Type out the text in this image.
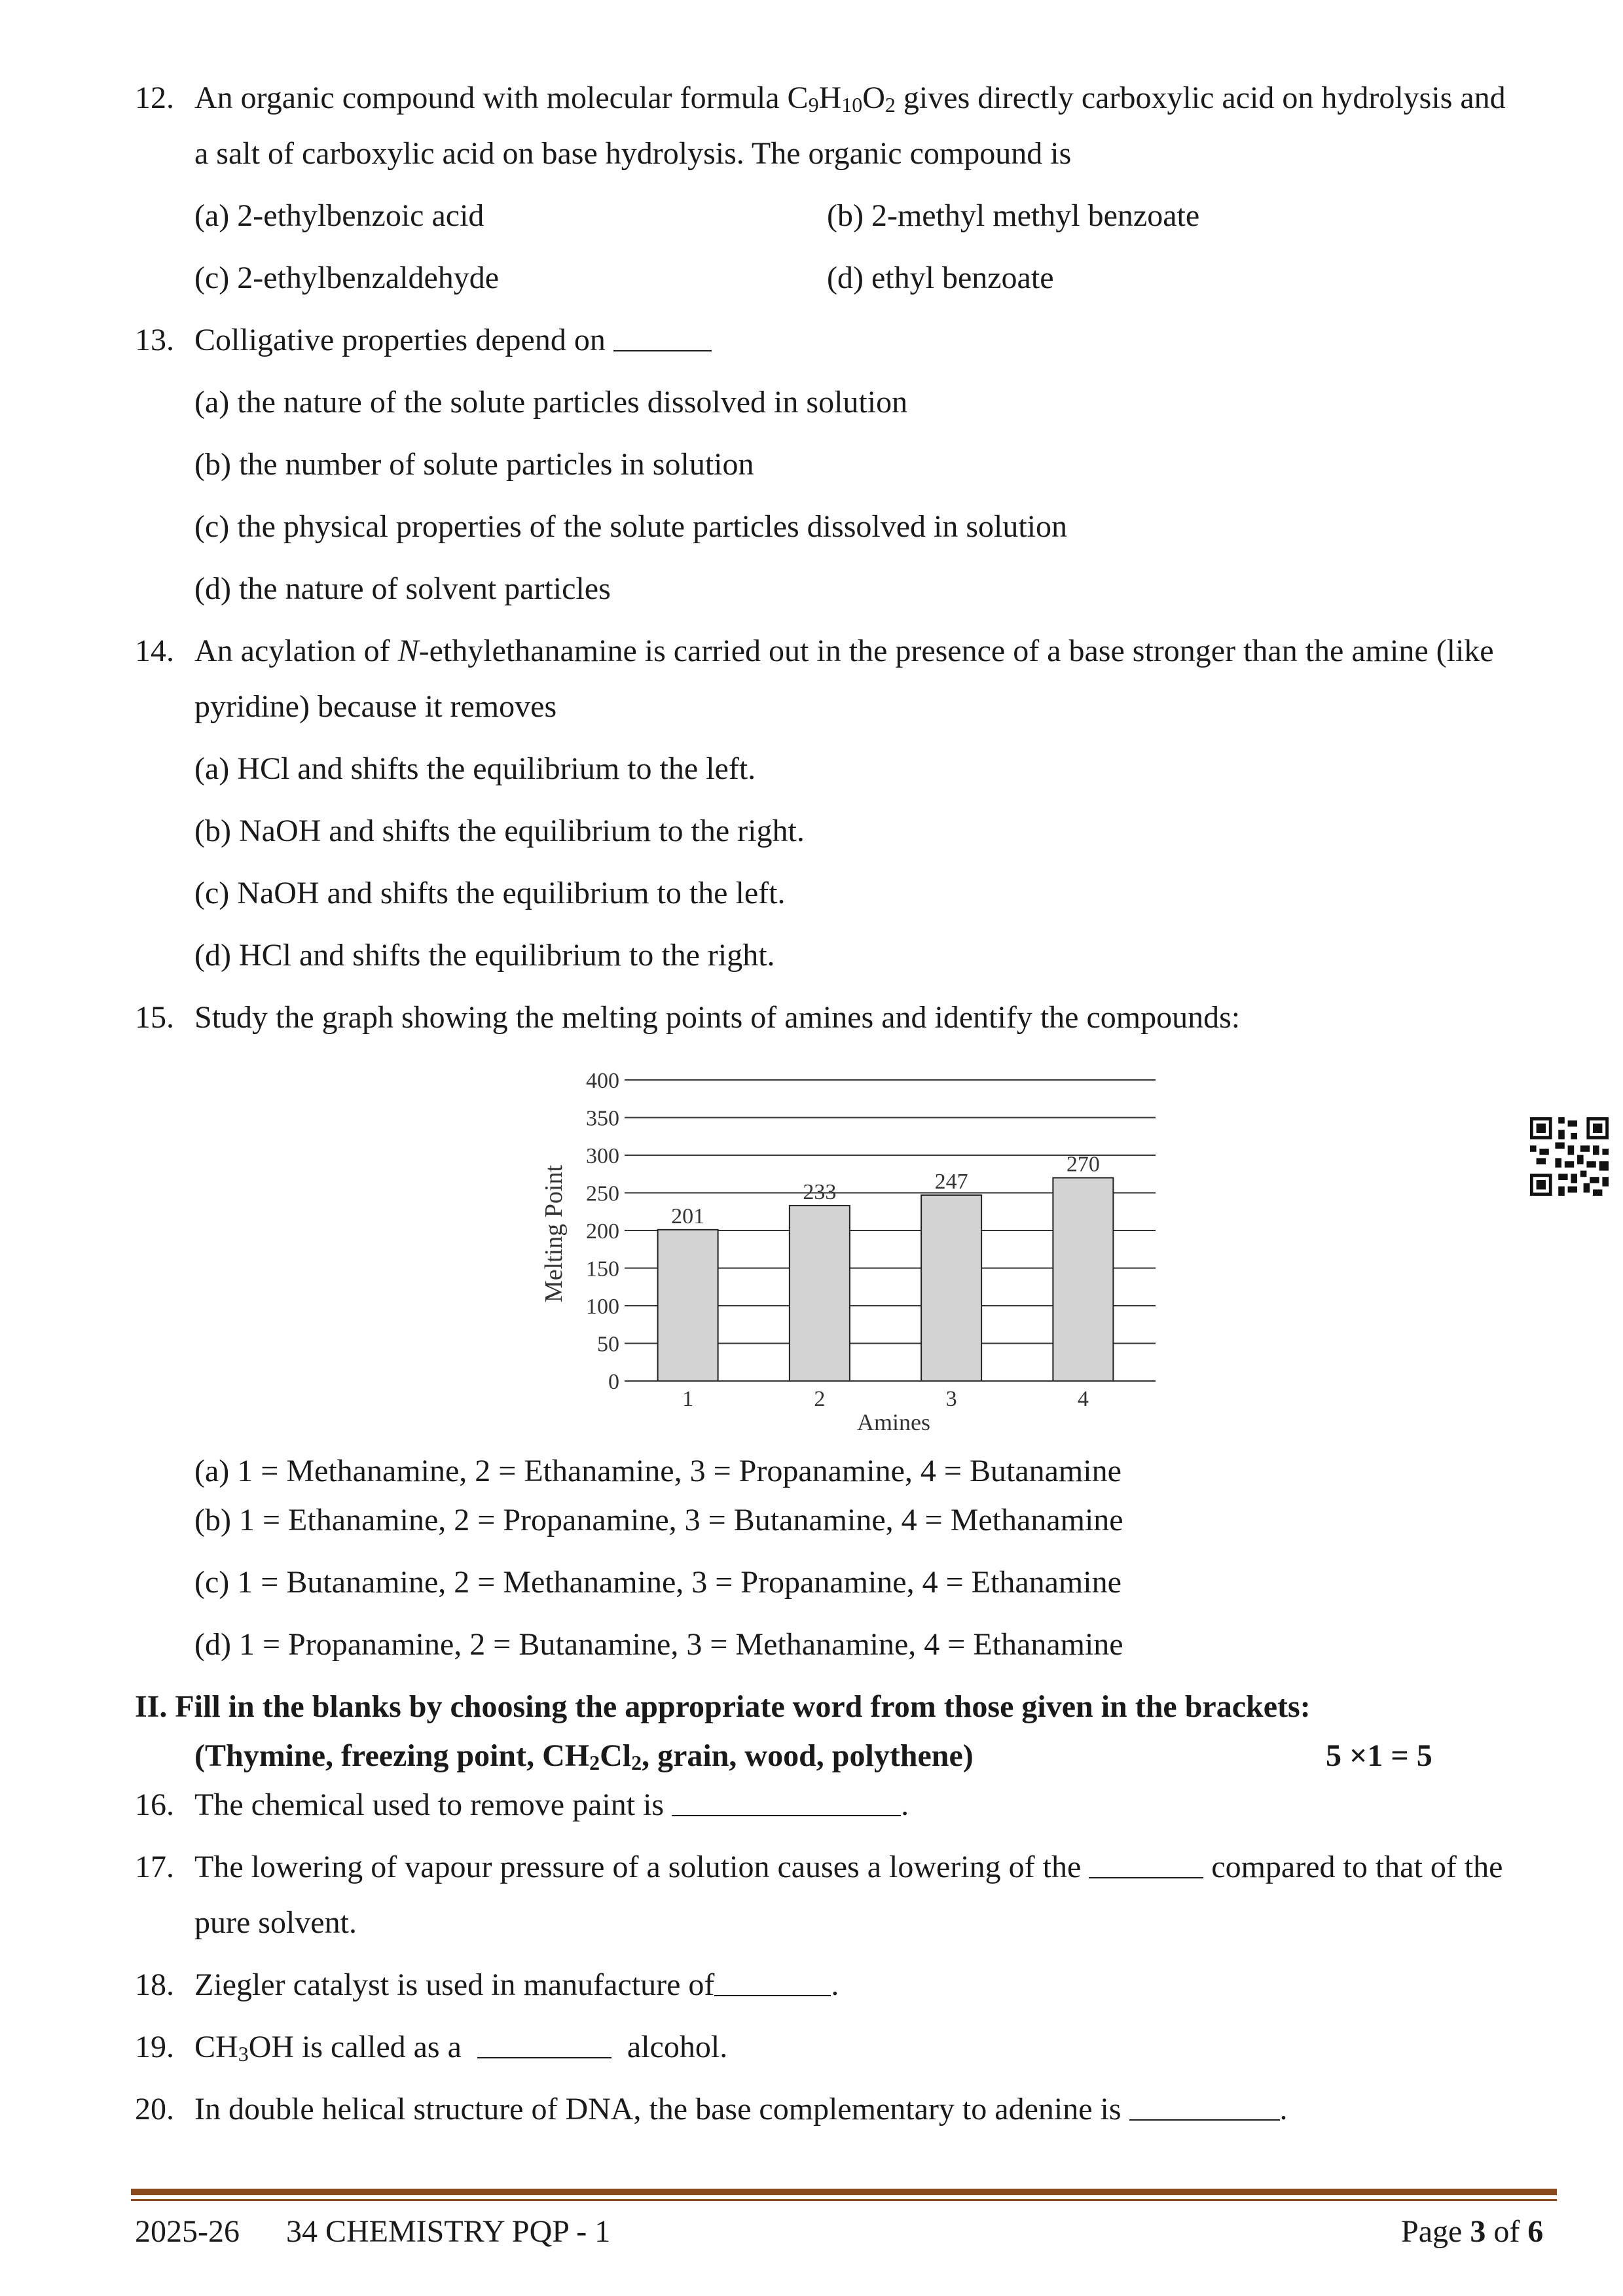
12. An organic compound with molecular formula $C_9H_{10}O_2$ gives directly carboxylic acid on hydrolysis and
a salt of carboxylic acid on base hydrolysis. The organic compound is
(a) 2-ethylbenzoic acid	(b) 2-methyl methyl benzoate
(c) 2-ethylbenzaldehyde	(d) ethyl benzoate
13. Colligative properties depend on
(a) the nature of the solute particles dissolved in solution
(b) the number of solute particles in solution
(c) the physical properties of the solute particles dissolved in solution
(d) the nature of solvent particles
14. An acylation of N-ethylethanamine is carried out in the presence of a base stronger than the amine (like
pyridine) because it removes
(a) HCl and shifts the equilibrium to the left.
(b) NaOH and shifts the equilibrium to the right.
(c) NaOH and shifts the equilibrium to the left.
(d) HCl and shifts the equilibrium to the right.
15. Study the graph showing the melting points of amines and identify the compounds:
201
233	247
270
0
50
100
150
200
250
300
350
400
1	2	3	4
Amines
Melting Point
(a) 1 = Methanamine, 2 = Ethanamine, 3 = Propanamine, 4 = Butanamine
(b) 1 = Ethanamine, 2 = Propanamine, 3 = Butanamine, 4 = Methanamine
(c) 1 = Butanamine, 2 = Methanamine, 3 = Propanamine, 4 = Ethanamine
(d) 1 = Propanamine, 2 = Butanamine, 3 = Methanamine, 4 = Ethanamine
II. Fill in the blanks by choosing the appropriate word from those given in the brackets:
(Thymine, freezing point, $CH_2Cl_2$, grain, wood, polythene)	5 ×1 = 5
16. The chemical used to remove paint is	.
17. The lowering of vapour pressure of a solution causes a lowering of the	compared to that of the
pure solvent.
18. Ziegler catalyst is used in manufacture of	.
19. $CH_3OH$ is called as a	alcohol.
20. In double helical structure of DNA, the base complementary to adenine is	.
2025-26 34 CHEMISTRY PQP - 1	Page 3 of 6
